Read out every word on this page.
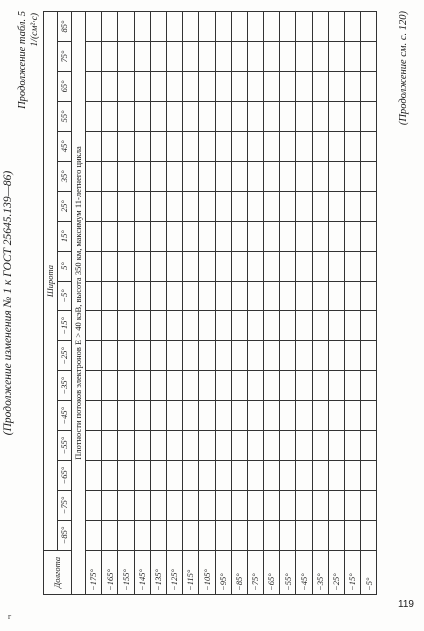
(Продолжение изменения № 1 к ГОСТ 25645.139—86)
Продолжение табл. 5 1/(см²·с)
Долгота	Широта																	
	−85°	−75°	−65°	−55°	−45°	−35°	−25°	−15°	−5°	5°	15°	25°	35°	45°	55°	65°	75°	85°
Плотности потоков электронов Е > 40 кэВ, высота 350 км, максимум 11-летнего цикла																		
−175°																		
−165°																		
−155°																		
−145°																		
−135°																		
−125°																		
−115°																		
−105°																		
−95°																		
−85°																		
−75°																		
−65°																		
−55°																		
−45°																		
−35°																		
−25°																		
−15°																		
−5°																		
(Продолжение см. с. 120)
119
г
